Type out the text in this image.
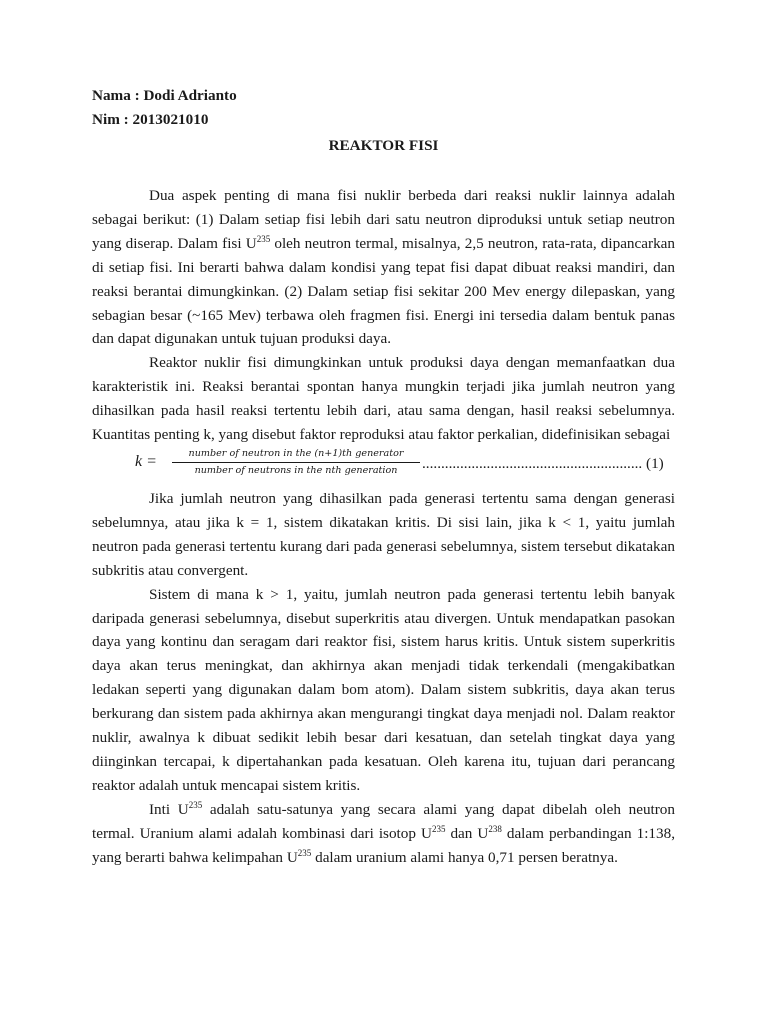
Nama : Dodi Adrianto
Nim : 2013021010
REAKTOR FISI

Dua aspek penting di mana fisi nuklir berbeda dari reaksi nuklir lainnya adalah sebagai berikut: (1) Dalam setiap fisi lebih dari satu neutron diproduksi untuk setiap neutron yang diserap. Dalam fisi $U^{235}$ oleh neutron termal, misalnya, 2,5 neutron, rata-rata, dipancarkan di setiap fisi. Ini berarti bahwa dalam kondisi yang tepat fisi dapat dibuat reaksi mandiri, dan reaksi berantai dimungkinkan. (2) Dalam setiap fisi sekitar 200 Mev energy dilepaskan, yang sebagian besar (~165 Mev) terbawa oleh fragmen fisi. Energi ini tersedia dalam bentuk panas dan dapat digunakan untuk tujuan produksi daya.

Reaktor nuklir fisi dimungkinkan untuk produksi daya dengan memanfaatkan dua karakteristik ini. Reaksi berantai spontan hanya mungkin terjadi jika jumlah neutron yang dihasilkan pada hasil reaksi tertentu lebih dari, atau sama dengan, hasil reaksi sebelumnya. Kuantitas penting k, yang disebut faktor reproduksi atau faktor perkalian, didefinisikan sebagai

k =	number of neutron in the (n+1)th generator
number of neutrons in the nth generation	.......................................................... (1)

Jika jumlah neutron yang dihasilkan pada generasi tertentu sama dengan generasi sebelumnya, atau jika k = 1, sistem dikatakan kritis. Di sisi lain, jika k < 1, yaitu jumlah neutron pada generasi tertentu kurang dari pada generasi sebelumnya, sistem tersebut dikatakan subkritis atau convergent.

Sistem di mana k > 1, yaitu, jumlah neutron pada generasi tertentu lebih banyak daripada generasi sebelumnya, disebut superkritis atau divergen. Untuk mendapatkan pasokan daya yang kontinu dan seragam dari reaktor fisi, sistem harus kritis. Untuk sistem superkritis daya akan terus meningkat, dan akhirnya akan menjadi tidak terkendali (mengakibatkan ledakan seperti yang digunakan dalam bom atom). Dalam sistem subkritis, daya akan terus berkurang dan sistem pada akhirnya akan mengurangi tingkat daya menjadi nol. Dalam reaktor nuklir, awalnya k dibuat sedikit lebih besar dari kesatuan, dan setelah tingkat daya yang diinginkan tercapai, k dipertahankan pada kesatuan. Oleh karena itu, tujuan dari perancang reaktor adalah untuk mencapai sistem kritis.

Inti $U^{235}$ adalah satu-satunya yang secara alami yang dapat dibelah oleh neutron termal. Uranium alami adalah kombinasi dari isotop $U^{235}$ dan $U^{238}$ dalam perbandingan 1:138, yang berarti bahwa kelimpahan $U^{235}$ dalam uranium alami hanya 0,71 persen beratnya.
